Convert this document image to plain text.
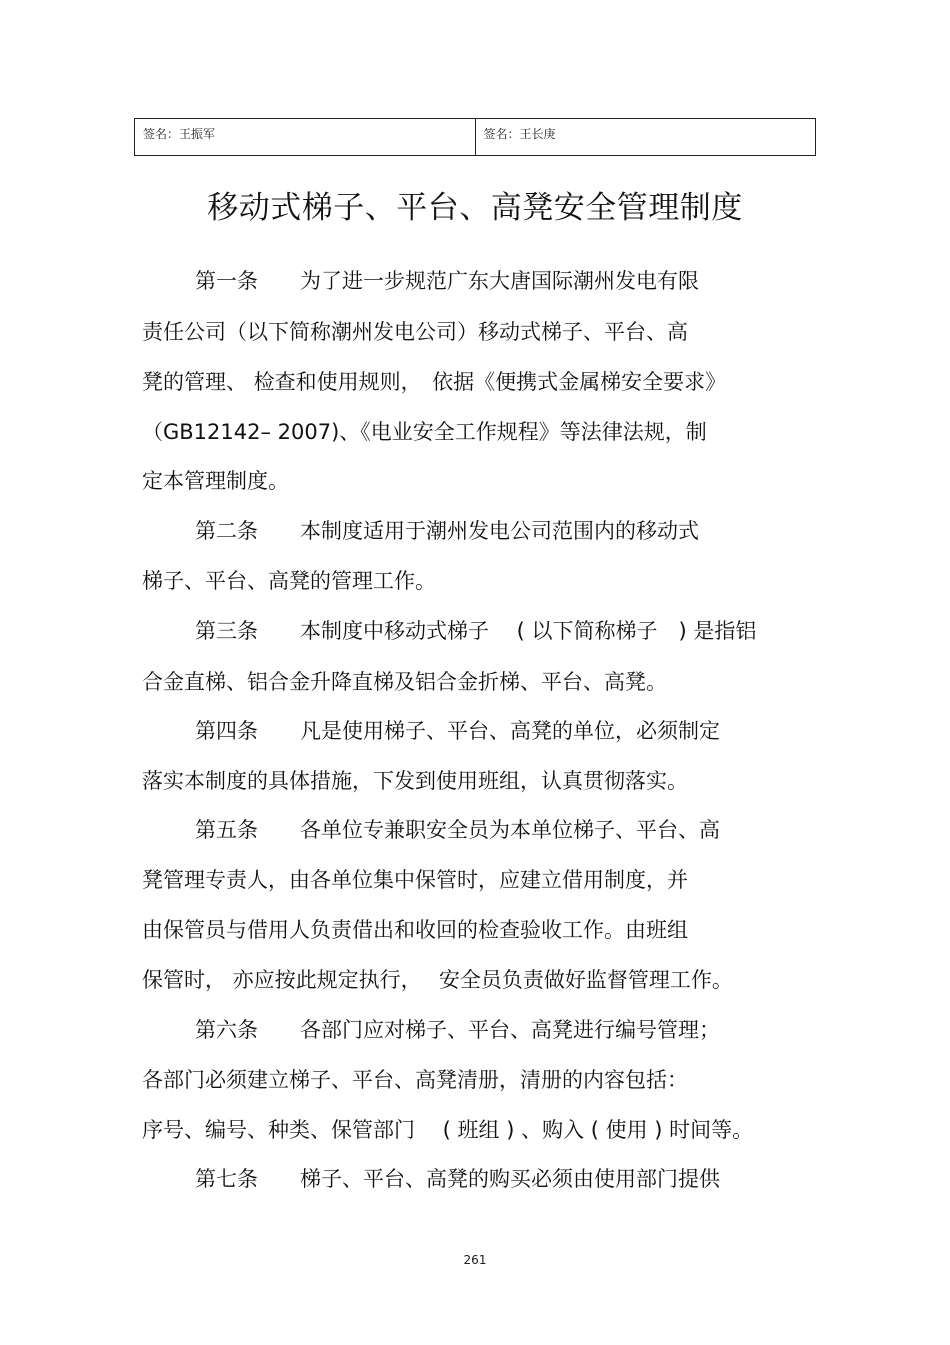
签名：王振军	签名：王长庚
移动式梯子、平台、高凳安全管理制度
第一条　　为了进一步规范广东大唐国际潮州发电有限
责任公司（以下简称潮州发电公司）移动式梯子、平台、高
凳的管理、 检查和使用规则，　依据《便携式金属梯安全要求》
（GB12142– 2007)、《电业安全工作规程》等法律法规，制
定本管理制度。
第二条　　本制度适用于潮州发电公司范围内的移动式
梯子、平台、高凳的管理工作。
第三条　　本制度中移动式梯子　 ( 以下简称梯子　) 是指铝
合金直梯、铝合金升降直梯及铝合金折梯、平台、高凳。
第四条　　凡是使用梯子、平台、高凳的单位，必须制定
落实本制度的具体措施，下发到使用班组，认真贯彻落实。
第五条　　各单位专兼职安全员为本单位梯子、平台、高
凳管理专责人，由各单位集中保管时，应建立借用制度，并
由保管员与借用人负责借出和收回的检查验收工作。由班组
保管时， 亦应按此规定执行，　 安全员负责做好监督管理工作。
第六条　　各部门应对梯子、平台、高凳进行编号管理；
各部门必须建立梯子、平台、高凳清册，清册的内容包括：
序号、编号、种类、保管部门　 ( 班组 ) 、购入 ( 使用 ) 时间等。
第七条　　梯子、平台、高凳的购买必须由使用部门提供
261
